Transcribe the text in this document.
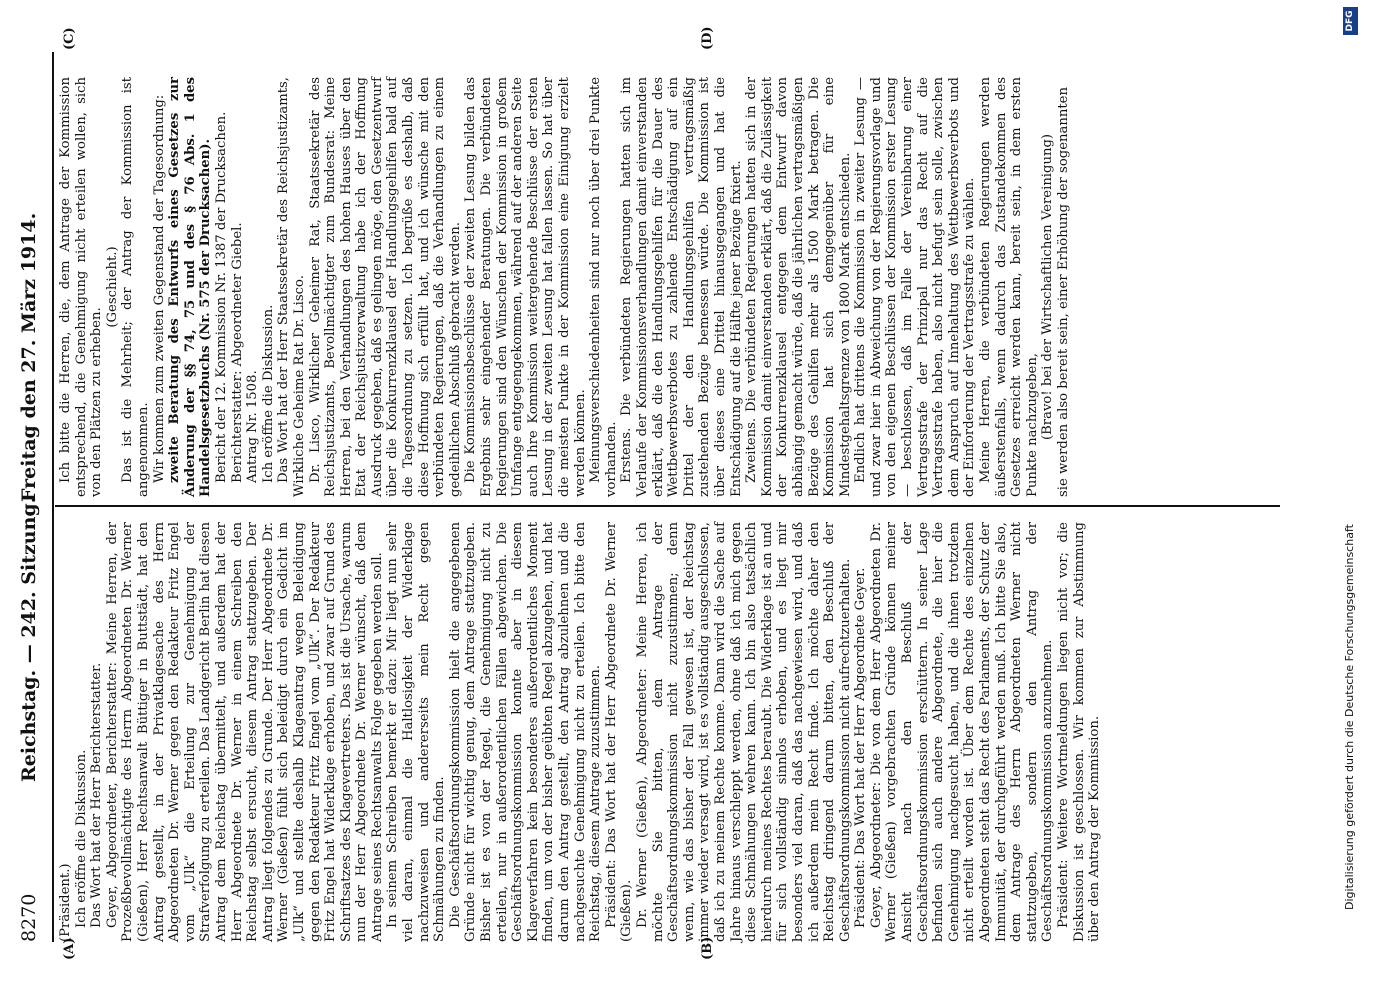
8270
Reichstag. — 242. Sitzung.
Freitag den 27. März 1914.
(A)	(B)
(C)	(D)

(Präsident.) Ich eröffne die Diskussion. Das Wort hat der Herr Berichterstatter. Geyer, Abgeordneter, Berichterstatter: Meine Herren, der Prozeßbevollmächtigte des Herrn Abgeordneten Dr. Werner (Gießen), Herr Rechtsanwalt Büttiger in Buttstädt, hat den Antrag gestellt, in der Privatklagesache des Herrn Abgeordneten Dr. Werner gegen den Redakteur Fritz Engel vom „Ulk“ die Erteilung zur Genehmigung der Strafverfolgung zu erteilen. Das Landgericht Berlin hat diesen Antrag dem Reichstag übermittelt, und außerdem hat der Herr Abgeordnete Dr. Werner in einem Schreiben den Reichstag selbst ersucht, diesem Antrag stattzugeben. Der Antrag liegt folgendes zu Grunde. Der Herr Abgeordnete Dr. Werner (Gießen) fühlt sich beleidigt durch ein Gedicht im „Ulk“ und stellte deshalb Klageantrag wegen Beleidigung gegen den Redakteur Fritz Engel vom „Ulk“. Der Redakteur Fritz Engel hat Widerklage erhoben, und zwar auf Grund des Schriftsatzes des Klagevertreters. Das ist die Ursache, warum nun der Herr Abgeordnete Dr. Werner wünscht, daß dem Antrage seines Rechtsanwalts Folge gegeben werden soll. In seinem Schreiben bemerkt er dazu: Mir liegt nun sehr viel daran, einmal die Haltlosigkeit der Widerklage nachzuweisen und andererseits mein Recht gegen Schmähungen zu finden. Die Geschäftsordnungskommission hielt die angegebenen Gründe nicht für wichtig genug, dem Antrage stattzugeben. Bisher ist es von der Regel, die Genehmigung nicht zu erteilen, nur in außerordentlichen Fällen abgewichen. Die Geschäftsordnungskommission konnte aber in diesem Klageverfahren kein besonderes außerordentliches Moment finden, um von der bisher geübten Regel abzugehen, und hat darum den Antrag gestellt, den Antrag abzulehnen und die nachgesuchte Genehmigung nicht zu erteilen. Ich bitte den Reichstag, diesem Antrage zuzustimmen. Präsident: Das Wort hat der Herr Abgeordnete Dr. Werner (Gießen). Dr. Werner (Gießen), Abgeordneter: Meine Herren, ich möchte Sie bitten, dem Antrage der Geschäftsordnungskommission nicht zuzustimmen; denn wenn, wie das bisher der Fall gewesen ist, der Reichstag immer wieder versagt wird, ist es vollständig ausgeschlossen, daß ich zu meinem Rechte komme. Dann wird die Sache auf Jahre hinaus verschleppt werden, ohne daß ich mich gegen diese Schmähungen wehren kann. Ich bin also tatsächlich hierdurch meines Rechtes beraubt. Die Widerklage ist an und für sich vollständig sinnlos erhoben, und es liegt mir besonders viel daran, daß das nachgewiesen wird, und daß ich außerdem mein Recht finde. Ich möchte daher den Reichstag dringend darum bitten, den Beschluß der Geschäftsordnungskommission nicht aufrechtzuerhalten. Präsident: Das Wort hat der Herr Abgeordnete Geyer. Geyer, Abgeordneter: Die von dem Herr Abgeordneten Dr. Werner (Gießen) vorgebrachten Gründe können meiner Ansicht nach den Beschluß der Geschäftsordnungskommission erschüttern. In seiner Lage befinden sich auch andere Abgeordnete, die hier die Genehmigung nachgesucht haben, und die ihnen trotzdem nicht erteilt worden ist. Über dem Rechte des einzelnen Abgeordneten steht das Recht des Parlaments, der Schutz der Immunität, der durchgeführt werden muß. Ich bitte Sie also, dem Antrage des Herrn Abgeordneten Werner nicht stattzugeben, sondern den Antrag der Geschäftsordnungskommission anzunehmen. Präsident: Weitere Wortmeldungen liegen nicht vor; die Diskussion ist geschlossen. Wir kommen zur Abstimmung über den Antrag der Kommission.

Ich bitte die Herren, die, dem Antrage der Kommission entsprechend, die Genehmigung nicht erteilen wollen, sich von den Plätzen zu erheben.

(Geschieht.) Das ist die Mehrheit; der Antrag der Kommission ist angenommen. Wir kommen zum zweiten Gegenstand der Tagesordnung: zweite Beratung des Entwurfs eines Gesetzes zur Änderung der §§ 74, 75 und des § 76 Abs. 1 des Handelsgesetzbuchs (Nr. 575 der Drucksachen). Bericht der 12. Kommission Nr. 1387 der Drucksachen. Berichterstatter: Abgeordneter Giebel. Antrag Nr. 1508. Ich eröffne die Diskussion. Das Wort hat der Herr Staatssekretär des Reichsjustizamts, Wirkliche Geheime Rat Dr. Lisco. Dr. Lisco, Wirklicher Geheimer Rat, Staatssekretär des Reichsjustizamts, Bevollmächtigter zum Bundesrat: Meine Herren, bei den Verhandlungen des hohen Hauses über den Etat der Reichsjustizverwaltung habe ich der Hoffnung Ausdruck gegeben, daß es gelingen möge, den Gesetzentwurf über die Konkurrenzklausel der Handlungsgehilfen bald auf die Tagesordnung zu setzen. Ich begrüße es deshalb, daß diese Hoffnung sich erfüllt hat, und ich wünsche mit den verbündeten Regierungen, daß die Verhandlungen zu einem gedeihlichen Abschluß gebracht werden. Die Kommissionsbeschlüsse der zweiten Lesung bilden das Ergebnis sehr eingehender Beratungen. Die verbündeten Regierungen sind den Wünschen der Kommission in großem Umfange entgegengekommen, während auf der anderen Seite auch Ihre Kommission weitergehende Beschlüsse der ersten Lesung in der zweiten Lesung hat fallen lassen. So hat über die meisten Punkte in der Kommission eine Einigung erzielt werden können. Meinungsverschiedenheiten sind nur noch über drei Punkte vorhanden. Erstens. Die verbündeten Regierungen hatten sich im Verlaufe der Kommissionsverhandlungen damit einverstanden erklärt, daß die den Handlungsgehilfen für die Dauer des Wettbewerbsverbotes zu zahlende Entschädigung auf ein Drittel der den Handlungsgehilfen vertragsmäßig zustehenden Bezüge bemessen würde. Die Kommission ist über dieses eine Drittel hinausgegangen und hat die Entschädigung auf die Hälfte jener Bezüge fixiert. Zweitens. Die verbündeten Regierungen hatten sich in der Kommission damit einverstanden erklärt, daß die Zulässigkeit der Konkurrenzklausel entgegen dem Entwurf davon abhängig gemacht würde, daß die jährlichen vertragsmäßigen Bezüge des Gehilfen mehr als 1500 Mark betragen. Die Kommission hat sich demgegenüber für eine Mindestgehaltsgrenze von 1800 Mark entschieden. Endlich hat drittens die Kommission in zweiter Lesung — und zwar hier in Abweichung von der Regierungsvorlage und von den eigenen Beschlüssen der Kommission erster Lesung — beschlossen, daß im Falle der Vereinbarung einer Vertragsstrafe der Prinzipal nur das Recht auf die Vertragsstrafe haben, also nicht befugt sein solle, zwischen dem Anspruch auf Innehaltung des Wettbewerbsverbots und der Einforderung der Vertragsstrafe zu wählen. Meine Herren, die verbündeten Regierungen werden äußerstenfalls, wenn dadurch das Zustandekommen des Gesetzes erreicht werden kann, bereit sein, in dem ersten Punkte nachzugeben, (Bravo! bei der Wirtschaftlichen Vereinigung) sie werden also bereit sein, einer Erhöhung der sogenannten

Digitalisierung gefördert durch die Deutsche Forschungsgemeinschaft
DFG
